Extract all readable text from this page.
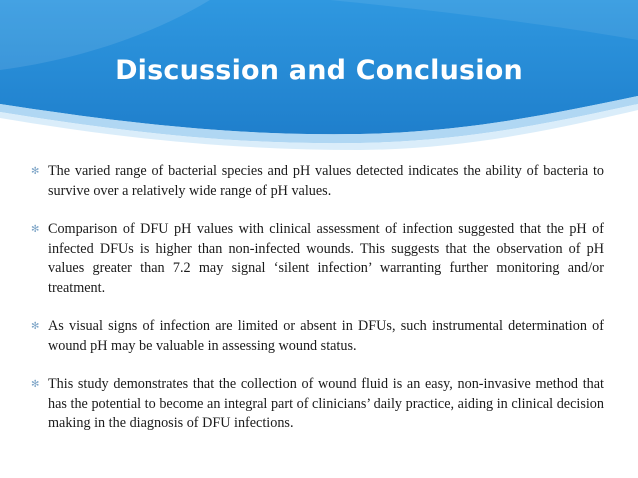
Discussion and Conclusion
✻ The varied range of bacterial species and pH values detected indicates the ability of bacteria to survive over a relatively wide range of pH values.
✻ Comparison of DFU pH values with clinical assessment of infection suggested that the pH of infected DFUs is higher than non-infected wounds. This suggests that the observation of pH values greater than 7.2 may signal ‘silent infection’ warranting further monitoring and/or treatment.
✻ As visual signs of infection are limited or absent in DFUs, such instrumental determination of wound pH may be valuable in assessing wound status.
✻ This study demonstrates that the collection of wound fluid is an easy, non-invasive method that has the potential to become an integral part of clinicians’ daily practice, aiding in clinical decision making in the diagnosis of DFU infections.
